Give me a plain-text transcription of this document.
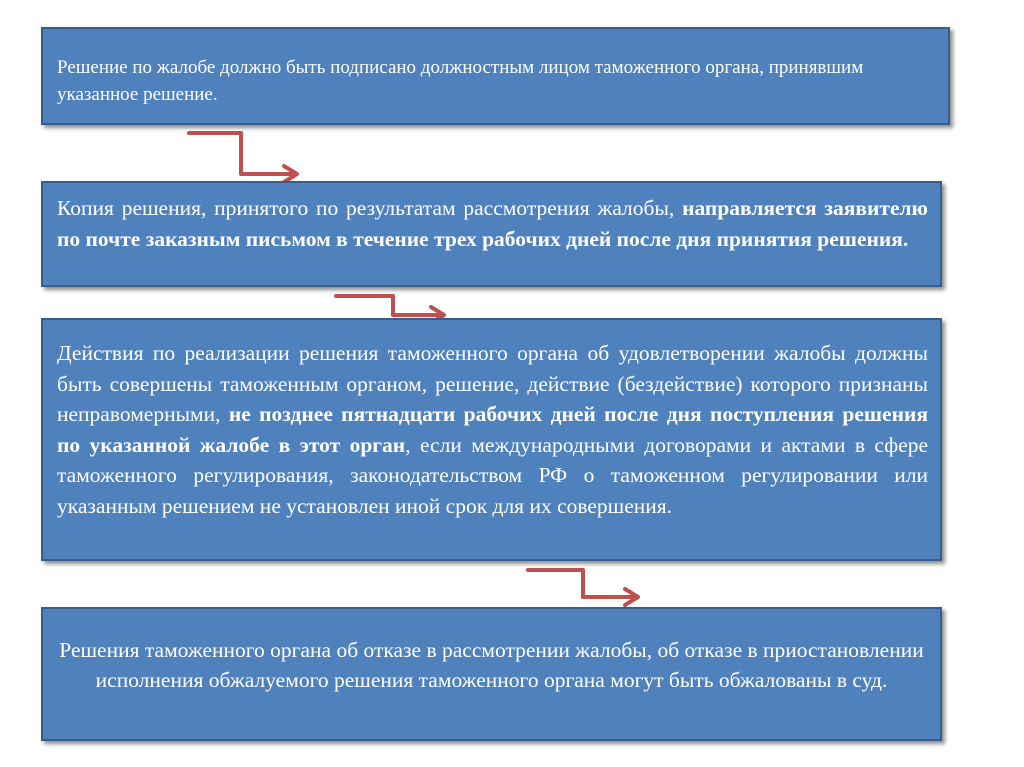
Решение по жалобе должно быть подписано должностным лицом таможенного органа, принявшим указанное решение.

Копия решения, принятого по результатам рассмотрения жалобы, направляется заявителю по почте заказным письмом в течение трех рабочих дней после дня принятия решения.

Действия по реализации решения таможенного органа об удовлетворении жалобы должны быть совершены таможенным органом, решение, действие (бездействие) которого признаны неправомерными, не позднее пятнадцати рабочих дней после дня поступления решения по указанной жалобе в этот орган, если международными договорами и актами в сфере таможенного регулирования, законодательством РФ о таможенном регулировании или указанным решением не установлен иной срок для их совершения.

Решения таможенного органа об отказе в рассмотрении жалобы, об отказе в приостановлении исполнения обжалуемого решения таможенного органа могут быть обжалованы в суд.
